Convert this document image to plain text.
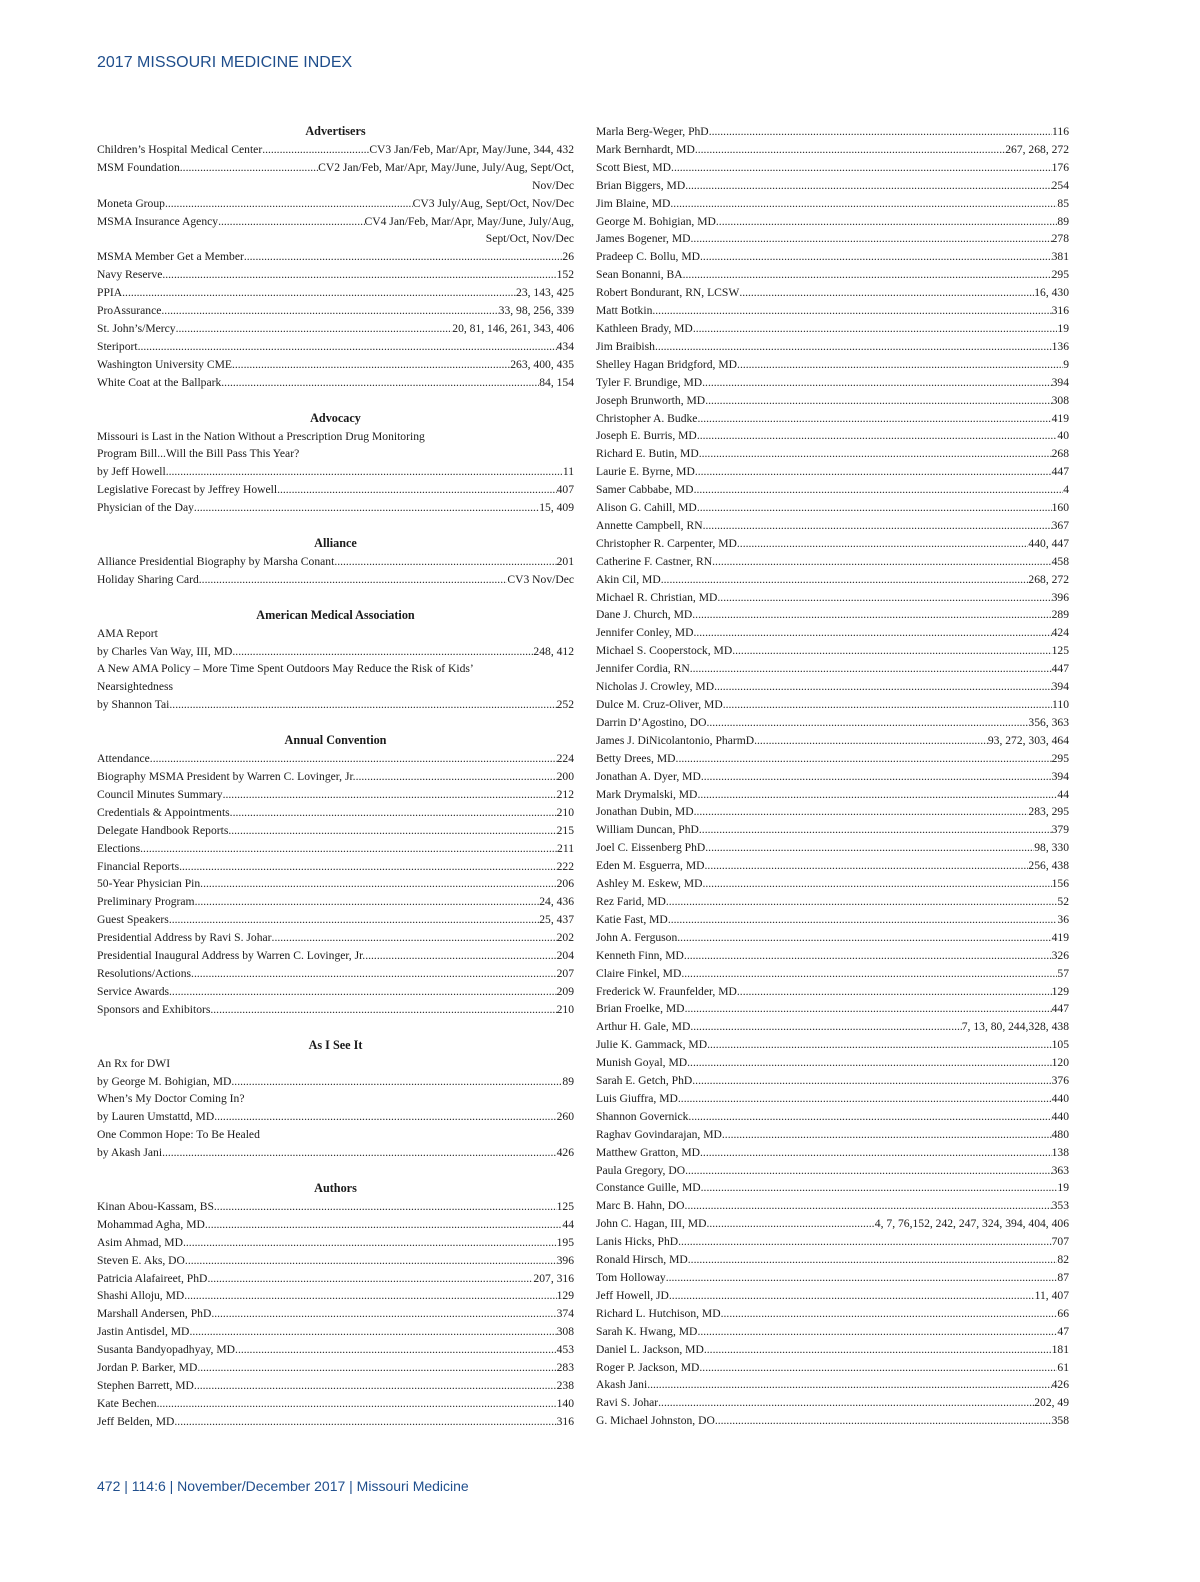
2017 MISSOURI MEDICINE INDEX
Advertisers
Children’s Hospital Medical Center .....	CV3 Jan/Feb, Mar/Apr, May/June, 344, 432
MSM Foundation .....	CV2 Jan/Feb, Mar/Apr, May/June, July/Aug, Sept/Oct,
Nov/Dec
Moneta Group .....	CV3 July/Aug, Sept/Oct, Nov/Dec
MSMA Insurance Agency .....	CV4 Jan/Feb, Mar/Apr, May/June, July/Aug,
Sept/Oct, Nov/Dec
MSMA Member Get a Member .....	26
Navy Reserve .....	152
PPIA .....	23, 143, 425
ProAssurance .....	33, 98, 256, 339
St. John’s/Mercy .....	20, 81, 146, 261, 343, 406
Steriport .....	434
Washington University CME .....	263, 400, 435
White Coat at the Ballpark .....	84, 154
Advocacy
Missouri is Last in the Nation Without a Prescription Drug Monitoring
Program Bill...Will the Bill Pass This Year?
by Jeff Howell .....	11
Legislative Forecast by Jeffrey Howell .....	407
Physician of the Day .....	15, 409
Alliance
Alliance Presidential Biography by Marsha Conant .....	201
Holiday Sharing Card .....	CV3 Nov/Dec
American Medical Association
AMA Report
by Charles Van Way, III, MD .....	248, 412
A New AMA Policy – More Time Spent Outdoors May Reduce the Risk of Kids’
Nearsightedness
by Shannon Tai .....	252
Annual Convention
Attendance .....	224
Biography MSMA President by Warren C. Lovinger, Jr. .....	200
Council Minutes Summary .....	212
Credentials & Appointments .....	210
Delegate Handbook Reports .....	215
Elections .....	211
Financial Reports .....	222
50-Year Physician Pin .....	206
Preliminary Program .....	24, 436
Guest Speakers .....	25, 437
Presidential Address by Ravi S. Johar .....	202
Presidential Inaugural Address by Warren C. Lovinger, Jr. .....	204
Resolutions/Actions .....	207
Service Awards .....	209
Sponsors and Exhibitors .....	210
As I See It
An Rx for DWI
by George M. Bohigian, MD .....	89
When’s My Doctor Coming In?
by Lauren Umstattd, MD .....	260
One Common Hope: To Be Healed
by Akash Jani .....	426
Authors
Kinan Abou-Kassam, BS .....	125
Mohammad Agha, MD .....	44
Asim Ahmad, MD .....	195
Steven E. Aks, DO .....	396
Patricia Alafaireet, PhD .....	207, 316
Shashi Alloju, MD .....	129
Marshall Andersen, PhD .....	374
Jastin Antisdel, MD .....	308
Susanta Bandyopadhyay, MD .....	453
Jordan P. Barker, MD .....	283
Stephen Barrett, MD .....	238
Kate Bechen .....	140
Jeff Belden, MD .....	316
Marla Berg-Weger, PhD .....	116
Mark Bernhardt, MD .....	267, 268, 272
Scott Biest, MD .....	176
Brian Biggers, MD .....	254
Jim Blaine, MD .....	85
George M. Bohigian, MD .....	89
James Bogener, MD .....	278
Pradeep C. Bollu, MD .....	381
Sean Bonanni, BA .....	295
Robert Bondurant, RN, LCSW .....	16, 430
Matt Botkin .....	316
Kathleen Brady, MD .....	19
Jim Braibish .....	136
Shelley Hagan Bridgford, MD .....	9
Tyler F. Brundige, MD .....	394
Joseph Brunworth, MD .....	308
Christopher A. Budke .....	419
Joseph E. Burris, MD .....	40
Richard E. Butin, MD .....	268
Laurie E. Byrne, MD .....	447
Samer Cabbabe, MD .....	4
Alison G. Cahill, MD .....	160
Annette Campbell, RN .....	367
Christopher R. Carpenter, MD .....	440, 447
Catherine F. Castner, RN .....	458
Akin Cil, MD .....	268, 272
Michael R. Christian, MD .....	396
Dane J. Church, MD .....	289
Jennifer Conley, MD .....	424
Michael S. Cooperstock, MD .....	125
Jennifer Cordia, RN .....	447
Nicholas J. Crowley, MD .....	394
Dulce M. Cruz-Oliver, MD .....	110
Darrin D’Agostino, DO .....	356, 363
James J. DiNicolantonio, PharmD .....	93, 272, 303, 464
Betty Drees, MD .....	295
Jonathan A. Dyer, MD .....	394
Mark Drymalski, MD .....	44
Jonathan Dubin, MD .....	283, 295
William Duncan, PhD .....	379
Joel C. Eissenberg PhD .....	98, 330
Eden M. Esguerra, MD .....	256, 438
Ashley M. Eskew, MD .....	156
Rez Farid, MD .....	52
Katie Fast, MD .....	36
John A. Ferguson .....	419
Kenneth Finn, MD .....	326
Claire Finkel, MD .....	57
Frederick W. Fraunfelder, MD .....	129
Brian Froelke, MD .....	447
Arthur H. Gale, MD .....	7, 13, 80, 244,328, 438
Julie K. Gammack, MD .....	105
Munish Goyal, MD .....	120
Sarah E. Getch, PhD .....	376
Luis Giuffra, MD .....	440
Shannon Governick .....	440
Raghav Govindarajan, MD .....	480
Matthew Gratton, MD .....	138
Paula Gregory, DO .....	363
Constance Guille, MD .....	19
Marc B. Hahn, DO .....	353
John C. Hagan, III, MD .....	4, 7, 76,152, 242, 247, 324, 394, 404, 406
Lanis Hicks, PhD .....	707
Ronald Hirsch, MD .....	82
Tom Holloway .....	87
Jeff Howell, JD .....	11, 407
Richard L. Hutchison, MD .....	66
Sarah K. Hwang, MD .....	47
Daniel L. Jackson, MD .....	181
Roger P. Jackson, MD .....	61
Akash Jani .....	426
Ravi S. Johar .....	202, 49
G. Michael Johnston, DO .....	358
472 | 114:6 | November/December 2017 | Missouri Medicine
